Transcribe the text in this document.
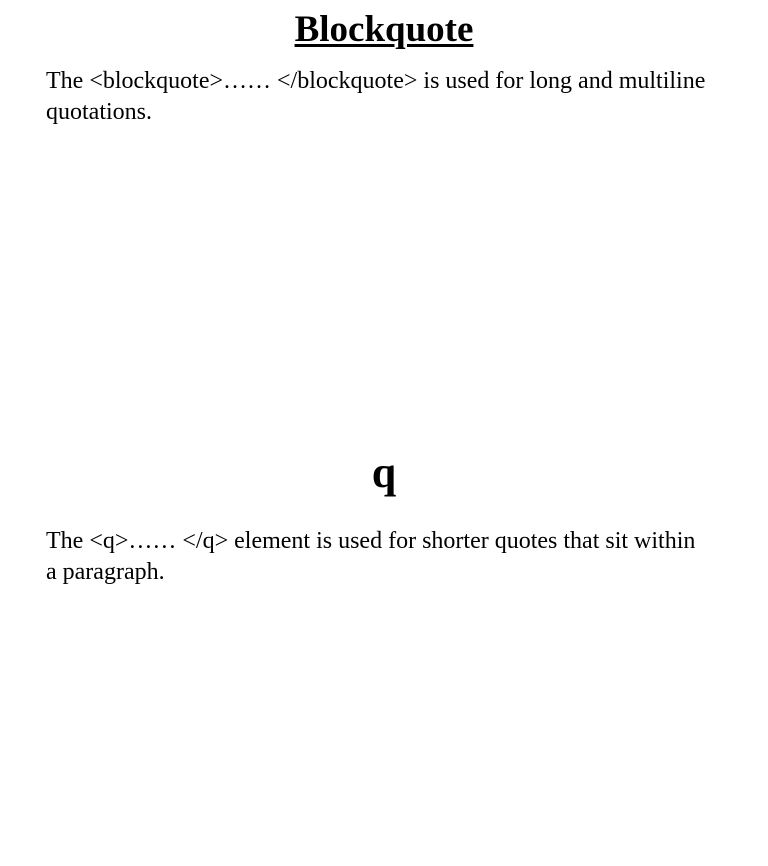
Blockquote

The <blockquote>…… </blockquote> is used for long and multiline quotations.

q

The <q>…… </q> element is used for shorter quotes that sit within a paragraph.
